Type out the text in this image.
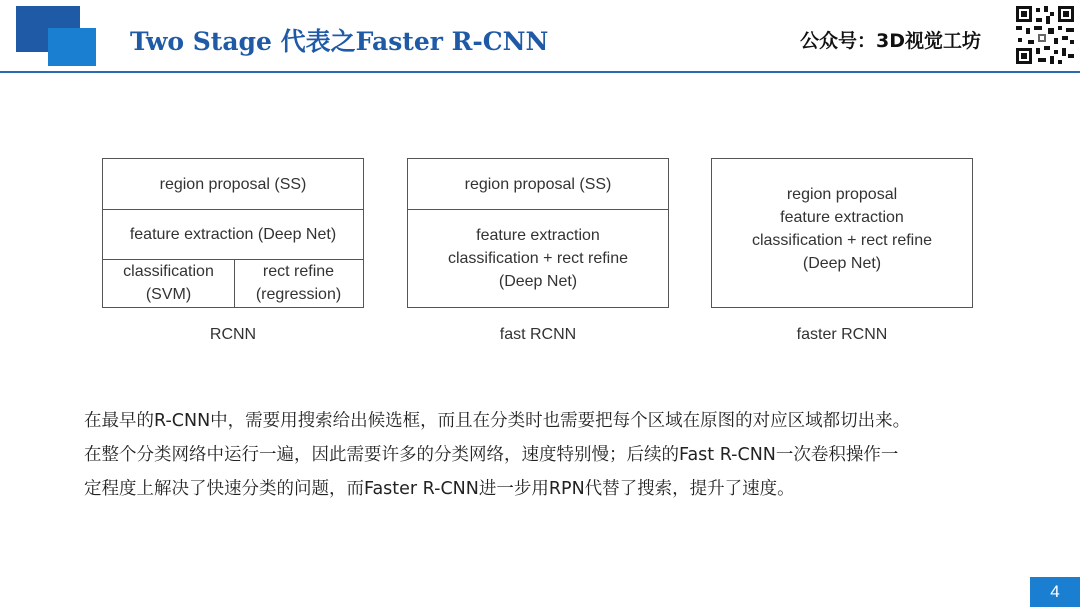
Two Stage 代表之Faster R-CNN	公众号：3D视觉工坊
region proposal (SS)
feature extraction (Deep Net)
classification
(SVM)
rect refine
(regression)
RCNN
region proposal (SS)
feature extraction
classification + rect refine
(Deep Net)
fast RCNN
region proposal
feature extraction
classification + rect refine
(Deep Net)
faster RCNN
在最早的R-CNN中，需要用搜索给出候选框，而且在分类时也需要把每个区域在原图的对应区域都切出来。
在整个分类网络中运行一遍，因此需要许多的分类网络，速度特别慢；后续的Fast R-CNN一次卷积操作一
定程度上解决了快速分类的问题，而Faster R-CNN进一步用RPN代替了搜索，提升了速度。
4
